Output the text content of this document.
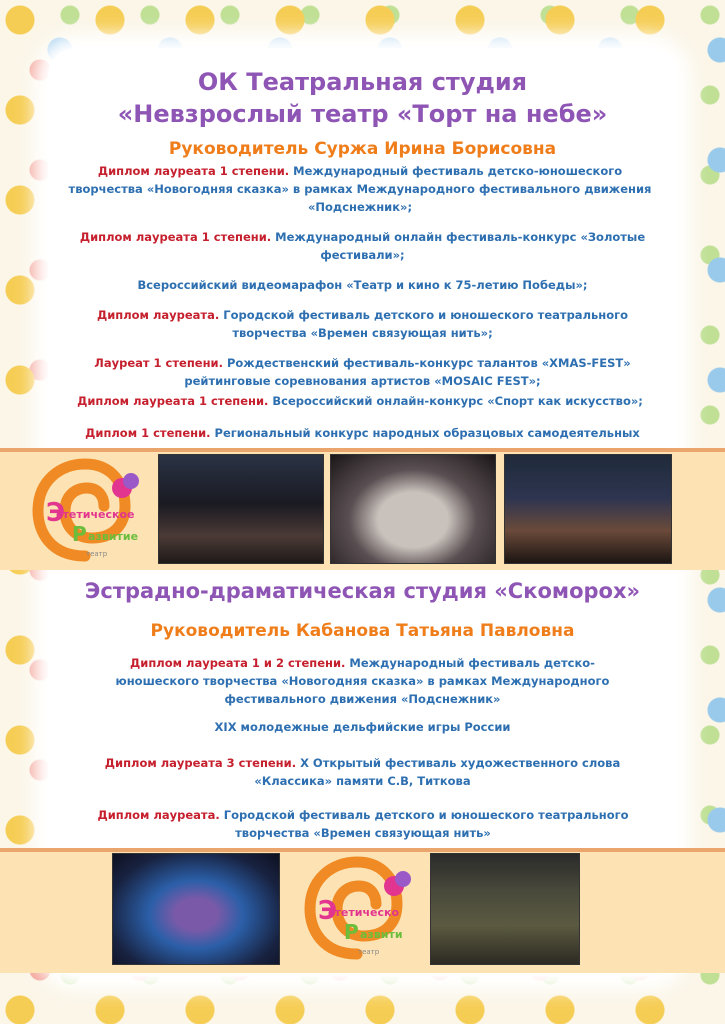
ОК Театральная студия
«Невзрослый театр «Торт на небе»
Руководитель Суржа Ирина Борисовна

Диплом лауреата 1 степени. Международный фестиваль детско-юношеского творчества «Новогодняя сказка» в рамках Международного фестивального движения «Подснежник»;

Диплом лауреата 1 степени. Международный онлайн фестиваль-конкурс «Золотые фестивали»;

Всероссийский видеомарафон «Театр и кино к 75-летию Победы»;

Диплом лауреата. Городской фестиваль детского и юношеского театрального творчества «Времен связующая нить»;

Лауреат 1 степени. Рождественский фестиваль-конкурс талантов «XMAS-FEST» рейтинговые соревнования артистов «MOSAIC FEST»;

Диплом лауреата 1 степени. Всероссийский онлайн-конкурс «Спорт как искусство»;

Диплом 1 степени. Региональный конкурс народных образцовых самодеятельных

стетическое
Э
Р азвитие
театр
Эстрадно-драматическая студия «Скоморох»
Руководитель Кабанова Татьяна Павловна

Диплом лауреата 1 и 2 степени. Международный фестиваль детско-юношеского творчества «Новогодняя сказка» в рамках Международного фестивального движения «Подснежник»

XIX молодежные дельфийские игры России

Диплом лауреата 3 степени. X Открытый фестиваль художественного слова «Классика» памяти С.В, Титкова

Диплом лауреата. Городской фестиваль детского и юношеского театрального творчества «Времен связующая нить»

стетическо
Э
Р азвити
театр
